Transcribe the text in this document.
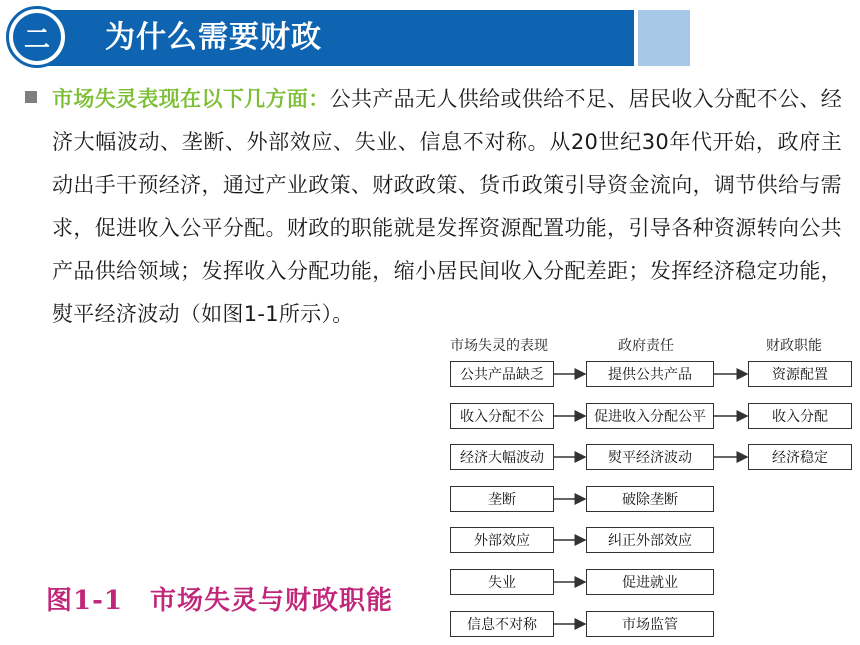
二	为什么需要财政
市场失灵表现在以下几方面：公共产品无人供给或供给不足、居民收入分配不公、经济大幅波动、垄断、外部效应、失业、信息不对称。从20世纪30年代开始，政府主动出手干预经济，通过产业政策、财政政策、货币政策引导资金流向，调节供给与需求，促进收入公平分配。财政的职能就是发挥资源配置功能，引导各种资源转向公共产品供给领域；发挥收入分配功能，缩小居民间收入分配差距；发挥经济稳定功能，熨平经济波动（如图1-1所示）。
市场失灵的表现	政府责任	财政职能
公共产品缺乏	提供公共产品	资源配置
收入分配不公	促进收入分配公平	收入分配
经济大幅波动	熨平经济波动	经济稳定
垄断	破除垄断
外部效应	纠正外部效应
失业	促进就业
信息不对称	市场监管
图1-1　市场失灵与财政职能
